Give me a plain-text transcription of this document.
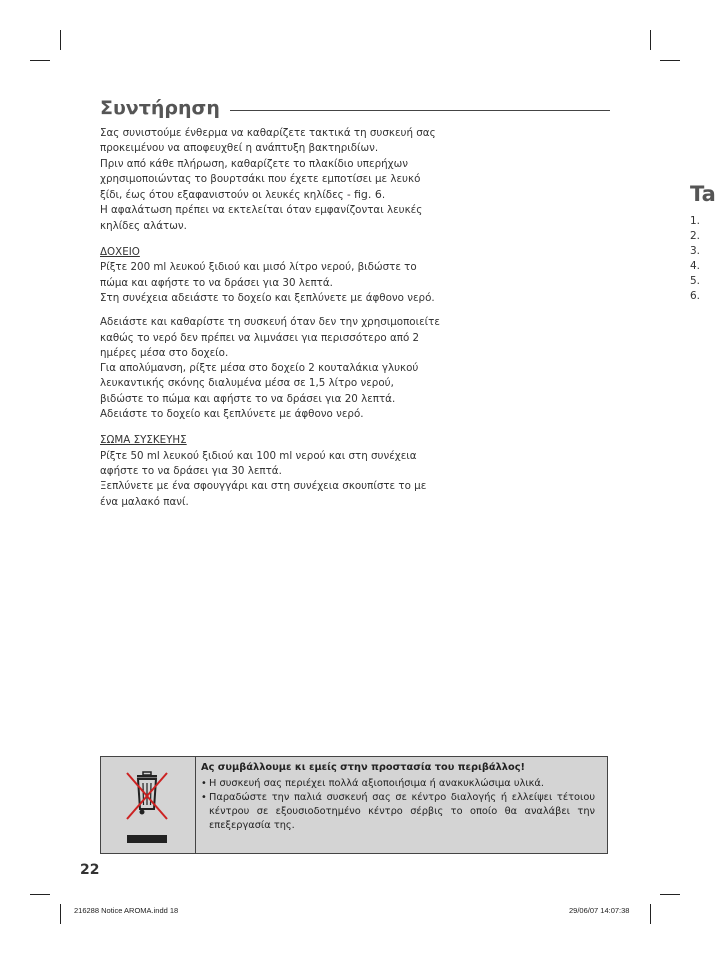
Συντήρηση

Σας συνιστούμε ένθερμα να καθαρίζετε τακτικά τη συσκευή σας προκειμένου να αποφευχθεί η ανάπτυξη βακτηριδίων.

Πριν από κάθε πλήρωση, καθαρίζετε το πλακίδιο υπερήχων χρησιμοποιώντας το βουρτσάκι που έχετε εμποτίσει με λευκό ξίδι, έως ότου εξαφανιστούν οι λευκές κηλίδες - fig. 6.

Η αφαλάτωση πρέπει να εκτελείται όταν εμφανίζονται λευκές κηλίδες αλάτων.

ΔΟΧΕΙΟ

Ρίξτε 200 ml λευκού ξιδιού και μισό λίτρο νερού, βιδώστε το πώμα και αφήστε το να δράσει για 30 λεπτά.

Στη συνέχεια αδειάστε το δοχείο και ξεπλύνετε με άφθονο νερό.

Αδειάστε και καθαρίστε τη συσκευή όταν δεν την χρησιμοποιείτε καθώς το νερό δεν πρέπει να λιμνάσει για περισσότερο από 2 ημέρες μέσα στο δοχείο.

Για απολύμανση, ρίξτε μέσα στο δοχείο 2 κουταλάκια γλυκού λευκαντικής σκόνης διαλυμένα μέσα σε 1,5 λίτρο νερού, βιδώστε το πώμα και αφήστε το να δράσει για 20 λεπτά.

Αδειάστε το δοχείο και ξεπλύνετε με άφθονο νερό.

ΣΩΜΑ ΣΥΣΚΕΥΗΣ

Ρίξτε 50 ml λευκού ξιδιού και 100 ml νερού και στη συνέχεια αφήστε το να δράσει για 30 λεπτά.

Ξεπλύνετε με ένα σφουγγάρι και στη συνέχεια σκουπίστε το με ένα μαλακό πανί.

Ta
1.
2.
3.
4.
5.
6.
Ας συμβάλλουμε κι εμείς στην προστασία του περιβάλλος!
• Η συσκευή σας περιέχει πολλά αξιοποιήσιμα ή ανακυκλώσιμα υλικά.
• Παραδώστε την παλιά συσκευή σας σε κέντρο διαλογής ή ελλείψει τέτοιου κέντρου σε εξουσιοδοτημένο κέντρο σέρβις το οποίο θα αναλάβει την επεξεργασία της.
22
216288 Notice AROMA.indd 18	29/06/07 14:07:38
